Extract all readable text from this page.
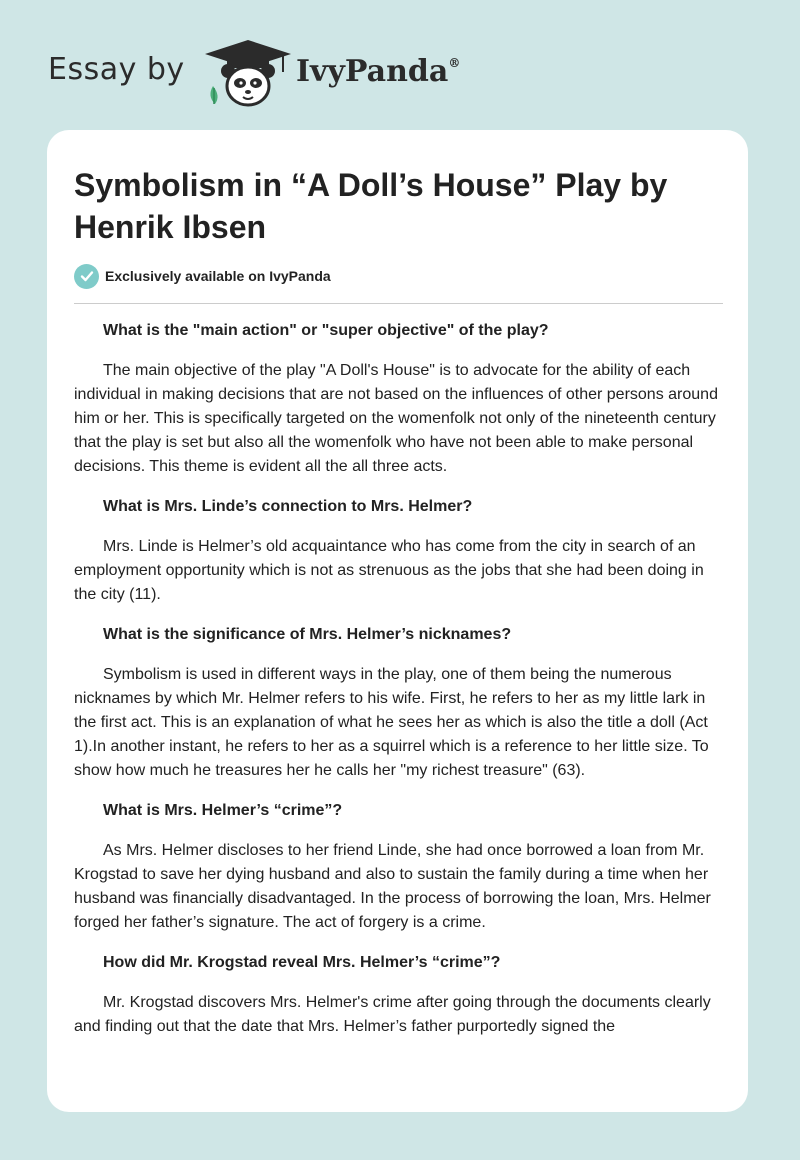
Essay by	IvyPanda®
Symbolism in “A Doll’s House” Play by Henrik Ibsen
Exclusively available on IvyPanda

What is the "main action" or "super objective" of the play?

The main objective of the play "A Doll's House" is to advocate for the ability of each individual in making decisions that are not based on the influences of other persons around him or her. This is specifically targeted on the womenfolk not only of the nineteenth century that the play is set but also all the womenfolk who have not been able to make personal decisions. This theme is evident all the all three acts.

What is Mrs. Linde’s connection to Mrs. Helmer?

Mrs. Linde is Helmer’s old acquaintance who has come from the city in search of an employment opportunity which is not as strenuous as the jobs that she had been doing in the city (11).

What is the significance of Mrs. Helmer’s nicknames?

Symbolism is used in different ways in the play, one of them being the numerous nicknames by which Mr. Helmer refers to his wife. First, he refers to her as my little lark in the first act. This is an explanation of what he sees her as which is also the title a doll (Act 1).In another instant, he refers to her as a squirrel which is a reference to her little size. To show how much he treasures her he calls her "my richest treasure" (63).

What is Mrs. Helmer’s “crime”?

As Mrs. Helmer discloses to her friend Linde, she had once borrowed a loan from Mr. Krogstad to save her dying husband and also to sustain the family during a time when her husband was financially disadvantaged. In the process of borrowing the loan, Mrs. Helmer forged her father’s signature. The act of forgery is a crime.

How did Mr. Krogstad reveal Mrs. Helmer’s “crime”?

Mr. Krogstad discovers Mrs. Helmer's crime after going through the documents clearly and finding out that the date that Mrs. Helmer’s father purportedly signed the
